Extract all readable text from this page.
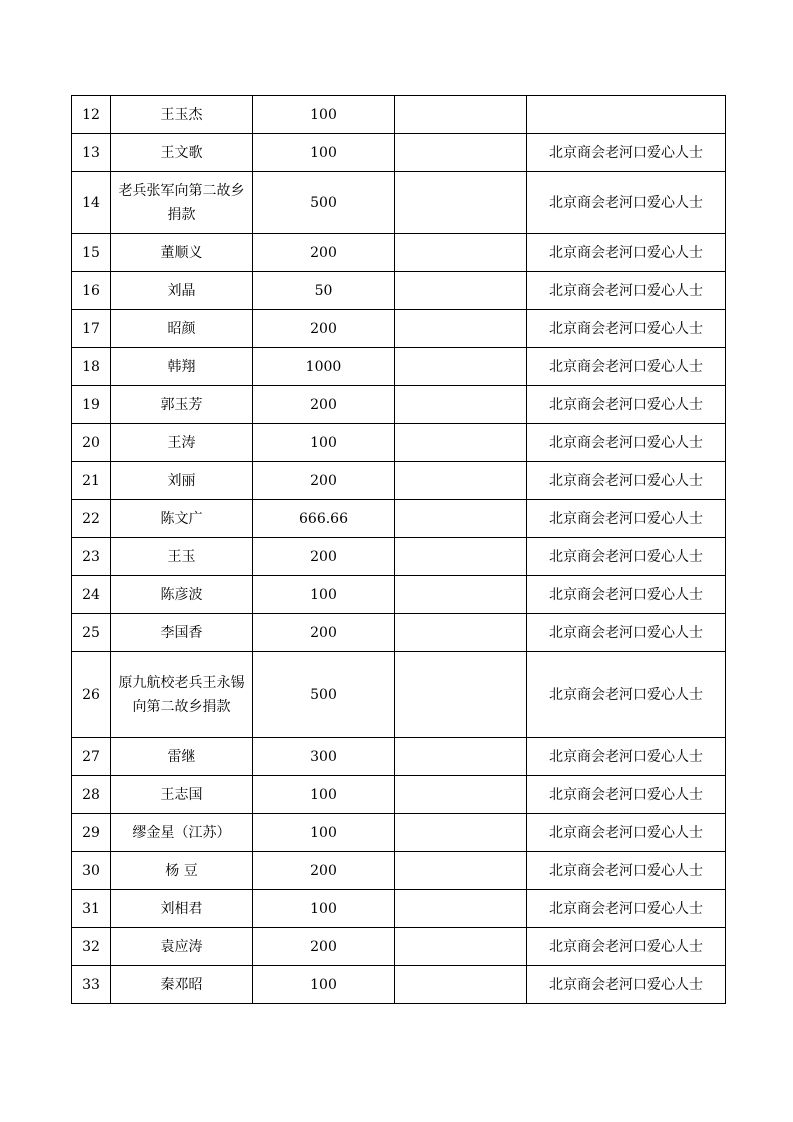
12	王玉杰	100		
13	王文歌	100		北京商会老河口爱心人士
14	老兵张军向第二故乡捐款	500		北京商会老河口爱心人士
15	董顺义	200		北京商会老河口爱心人士
16	刘晶	50		北京商会老河口爱心人士
17	昭颜	200		北京商会老河口爱心人士
18	韩翔	1000		北京商会老河口爱心人士
19	郭玉芳	200		北京商会老河口爱心人士
20	王涛	100		北京商会老河口爱心人士
21	刘丽	200		北京商会老河口爱心人士
22	陈文广	666.66		北京商会老河口爱心人士
23	王玉	200		北京商会老河口爱心人士
24	陈彦波	100		北京商会老河口爱心人士
25	李国香	200		北京商会老河口爱心人士
26	原九航校老兵王永锡向第二故乡捐款	500		北京商会老河口爱心人士
27	雷继	300		北京商会老河口爱心人士
28	王志国	100		北京商会老河口爱心人士
29	缪金星（江苏）	100		北京商会老河口爱心人士
30	杨 豆	200		北京商会老河口爱心人士
31	刘相君	100		北京商会老河口爱心人士
32	袁应涛	200		北京商会老河口爱心人士
33	秦邓昭	100		北京商会老河口爱心人士
